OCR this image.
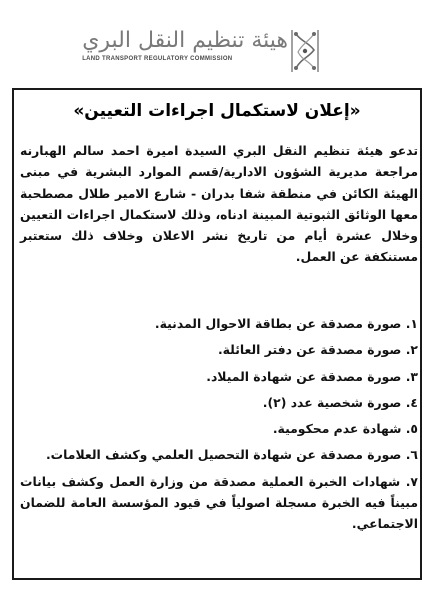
هيئة تنظيم النقل البري
LAND TRANSPORT REGULATORY COMMISSION
«إعلان لاستكمال اجراءات التعيين»
تدعو هيئة تنظيم النقل البري السيدة اميرة احمد سالم الهبارنه مراجعة مديرية الشؤون الادارية/قسم الموارد البشرية في مبنى الهيئة الكائن في منطقة شفا بدران - شارع الامير طلال مصطحبة معها الوثائق الثبوتية المبينة ادناه، وذلك لاستكمال اجراءات التعيين وخلال عشرة أيام من تاريخ نشر الاعلان وخلاف ذلك ستعتبر مستنكفة عن العمل.
١. صورة مصدقة عن بطاقة الاحوال المدنية.
٢. صورة مصدقة عن دفتر العائلة.
٣. صورة مصدقة عن شهادة الميلاد.
٤. صورة شخصية عدد (٢).
٥. شهادة عدم محكومية.
٦. صورة مصدقة عن شهادة التحصيل العلمي وكشف العلامات.
٧. شهادات الخبرة العملية مصدقة من وزارة العمل وكشف بيانات مبيناً فيه الخبرة مسجلة اصولياً في قيود المؤسسة العامة للضمان الاجتماعي.
